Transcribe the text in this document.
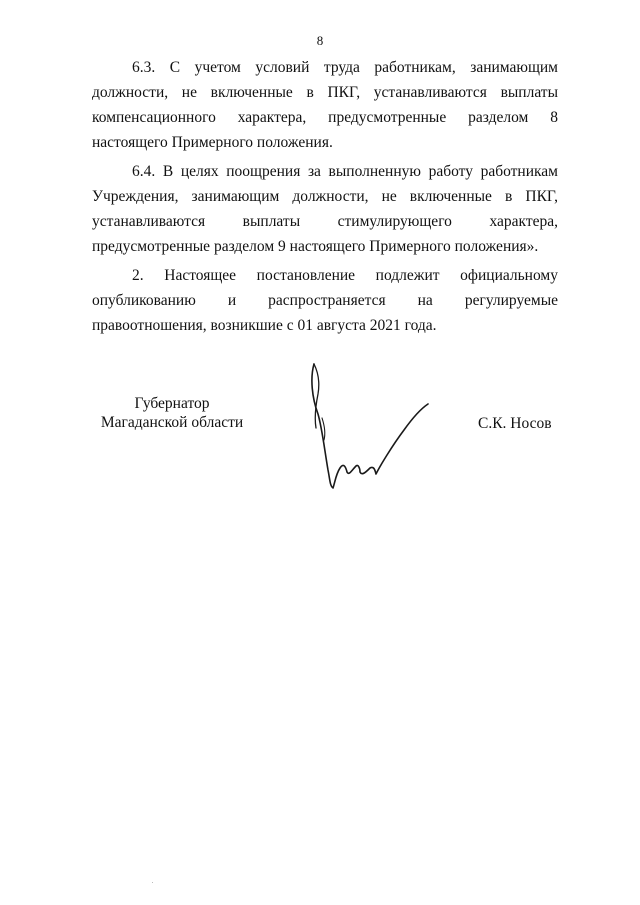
8

6.3. С учетом условий труда работникам, занимающим должности, не включенные в ПКГ, устанавливаются выплаты компенсационного характера, предусмотренные разделом 8 настоящего Примерного положения.

6.4. В целях поощрения за выполненную работу работникам Учреждения, занимающим должности, не включенные в ПКГ, устанавливаются выплаты стимулирующего характера, предусмотренные разделом 9 настоящего Примерного положения».

2. Настоящее постановление подлежит официальному опубликованию и распространяется на регулируемые правоотношения, возникшие с 01 августа 2021 года.

Губернатор
Магаданской области	С.К. Носов
